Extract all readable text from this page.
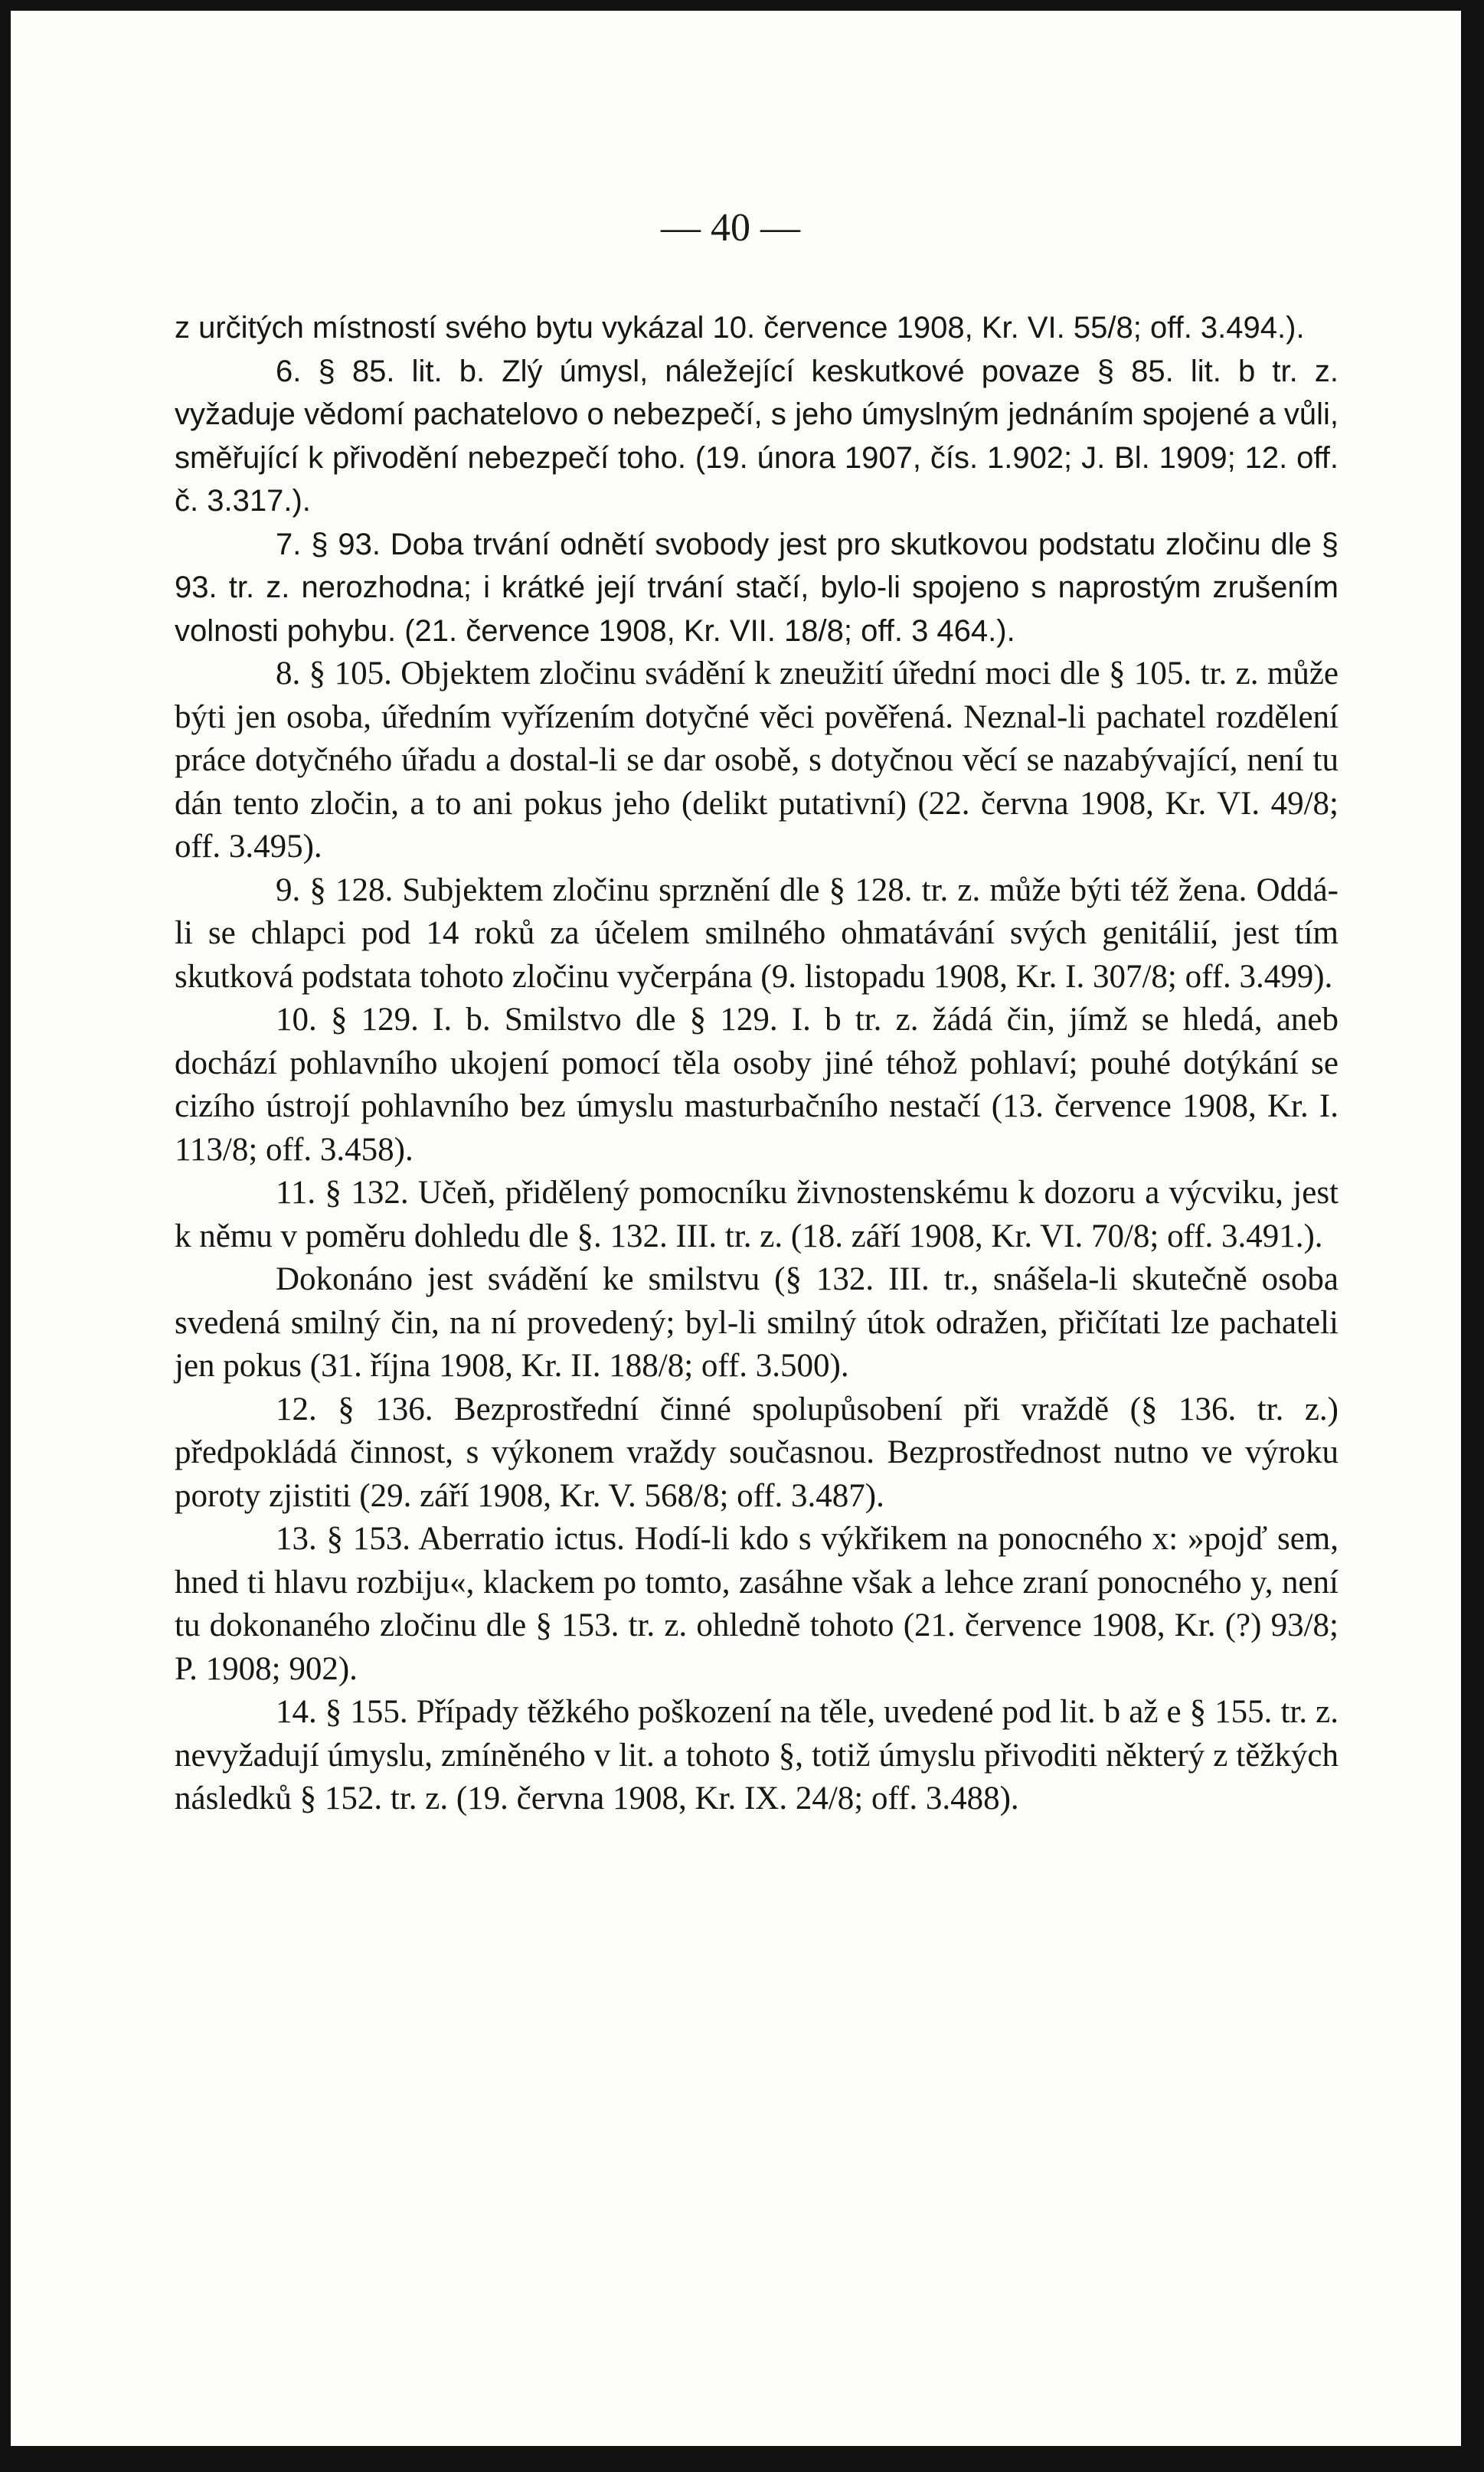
— 40 —

z určitých místností svého bytu vykázal 10. července 1908, Kr. VI. 55/8; off. 3.494.).

6. § 85. lit. b. Zlý úmysl, náležející keskutkové povaze § 85. lit. b tr. z. vyžaduje vědomí pachatelovo o nebezpečí, s jeho úmyslným jednáním spojené a vůli, směřující k přivodění nebezpečí toho. (19. února 1907, čís. 1.902; J. Bl. 1909; 12. off. č. 3.317.).

7. § 93. Doba trvání odnětí svobody jest pro skutkovou podstatu zločinu dle § 93. tr. z. nerozhodna; i krátké její trvání stačí, bylo-li spojeno s naprostým zrušením volnosti pohybu. (21. července 1908, Kr. VII. 18/8; off. 3 464.).

8. § 105. Objektem zločinu svádění k zneužití úřední moci dle § 105. tr. z. může býti jen osoba, úředním vyřízením dotyčné věci pověřená. Neznal-li pachatel rozdělení práce dotyčného úřadu a dostal-li se dar osobě, s dotyčnou věcí se nazabývající, není tu dán tento zločin, a to ani pokus jeho (delikt putativní) (22. června 1908, Kr. VI. 49/8; off. 3.495).

9. § 128. Subjektem zločinu sprznění dle § 128. tr. z. může býti též žena. Oddá-li se chlapci pod 14 roků za účelem smilného ohmatávání svých genitálií, jest tím skutková podstata tohoto zločinu vyčerpána (9. listopadu 1908, Kr. I. 307/8; off. 3.499).

10. § 129. I. b. Smilstvo dle § 129. I. b tr. z. žádá čin, jímž se hledá, aneb dochází pohlavního ukojení pomocí těla osoby jiné téhož pohlaví; pouhé dotýkání se cizího ústrojí pohlavního bez úmyslu masturbačního nestačí (13. července 1908, Kr. I. 113/8; off. 3.458).

11. § 132. Učeň, přidělený pomocníku živnostenskému k dozoru a výcviku, jest k němu v poměru dohledu dle §. 132. III. tr. z. (18. září 1908, Kr. VI. 70/8; off. 3.491.).

Dokonáno jest svádění ke smilstvu (§ 132. III. tr., snášela-li skutečně osoba svedená smilný čin, na ní provedený; byl-li smilný útok odražen, přičítati lze pachateli jen pokus (31. října 1908, Kr. II. 188/8; off. 3.500).

12. § 136. Bezprostřední činné spolupůsobení při vraždě (§ 136. tr. z.) předpokládá činnost, s výkonem vraždy současnou. Bezprostřednost nutno ve výroku poroty zjistiti (29. září 1908, Kr. V. 568/8; off. 3.487).

13. § 153. Aberratio ictus. Hodí-li kdo s výkřikem na ponocného x: »pojď sem, hned ti hlavu rozbiju«, klackem po tomto, zasáhne však a lehce zraní ponocného y, není tu dokonaného zločinu dle § 153. tr. z. ohledně tohoto (21. července 1908, Kr. (?) 93/8; P. 1908; 902).

14. § 155. Případy těžkého poškození na těle, uvedené pod lit. b až e § 155. tr. z. nevyžadují úmyslu, zmíněného v lit. a tohoto §, totiž úmyslu přivoditi některý z těžkých následků § 152. tr. z. (19. června 1908, Kr. IX. 24/8; off. 3.488).
